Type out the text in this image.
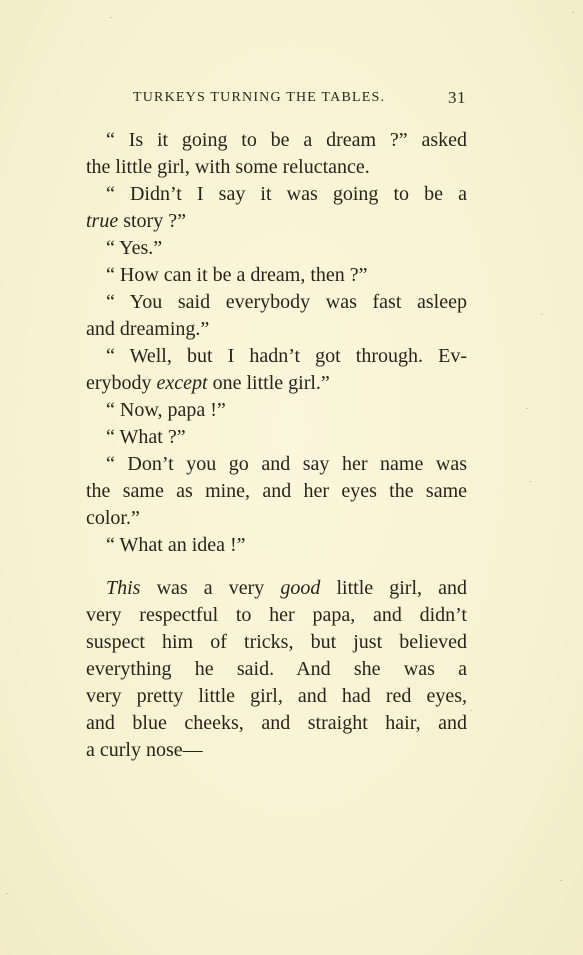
TURKEYS TURNING THE TABLES.	31
“ Is it going to be a dream ?” asked
the little girl, with some reluctance.
“ Didn’t I say it was going to be a
true story ?”
“ Yes.”
“ How can it be a dream, then ?”
“ You said everybody was fast asleep
and dreaming.”
“ Well, but I hadn’t got through. Ev-
erybody except one little girl.”
“ Now, papa !”
“ What ?”
“ Don’t you go and say her name was
the same as mine, and her eyes the same
color.”
“ What an idea !”
This was a very good little girl, and
very respectful to her papa, and didn’t
suspect him of tricks, but just believed
everything he said. And she was a
very pretty little girl, and had red eyes,
and blue cheeks, and straight hair, and
a curly nose—
